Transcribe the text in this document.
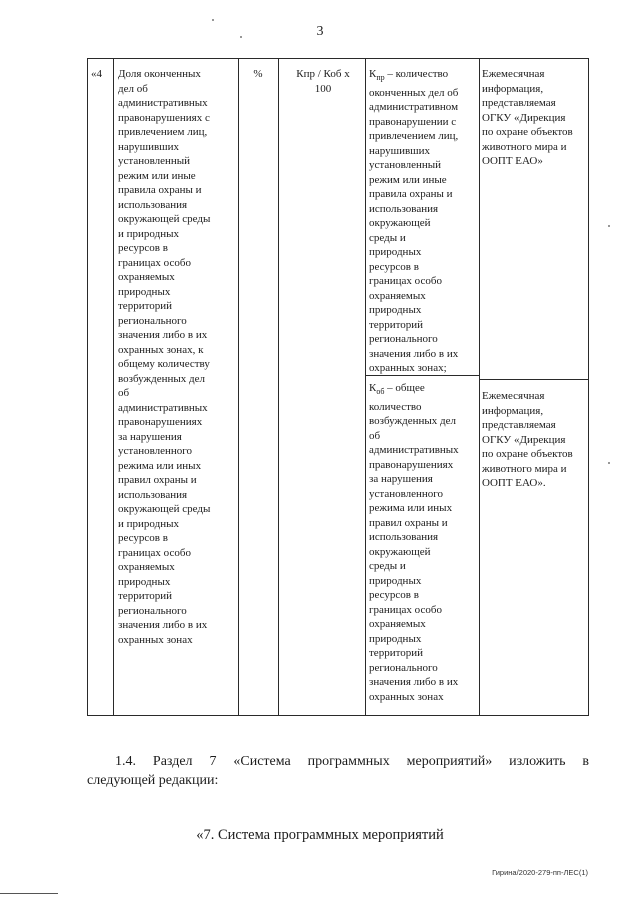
3
«4	Доля оконченных
дел об
административных
правонарушениях с
привлечением лиц,
нарушивших
установленный
режим или иные
правила охраны и
использования
окружающей среды
и природных
ресурсов в
границах особо
охраняемых
природных
территорий
регионального
значения либо в их
охранных зонах, к
общему количеству
возбужденных дел
об
административных
правонарушениях
за нарушения
установленного
режима или иных
правил охраны и
использования
окружающей среды
и природных
ресурсов в
границах особо
охраняемых
природных
территорий
регионального
значения либо в их
охранных зонах
%	Кпр / Коб х
100
$К_{пр}$ – количество
оконченных дел об
административном
правонарушении с
привлечением лиц,
нарушивших
установленный
режим или иные
правила охраны и
использования
окружающей
среды и
природных
ресурсов в
границах особо
охраняемых
природных
территорий
регионального
значения либо в их
охранных зонах;
$К_{об}$ – общее
количество
возбужденных дел
об
административных
правонарушениях
за нарушения
установленного
режима или иных
правил охраны и
использования
окружающей
среды и
природных
ресурсов в
границах особо
охраняемых
природных
территорий
регионального
значения либо в их
охранных зонах
Ежемесячная
информация,
представляемая
ОГКУ «Дирекция
по охране объектов
животного мира и
ООПТ ЕАО»
Ежемесячная
информация,
представляемая
ОГКУ «Дирекция
по охране объектов
животного мира и
ООПТ ЕАО».
1.4. Раздел 7 «Система программных мероприятий» изложить в
следующей редакции:
«7. Система программных мероприятий
Гирина/2020-279-пп-ЛЕС(1)
